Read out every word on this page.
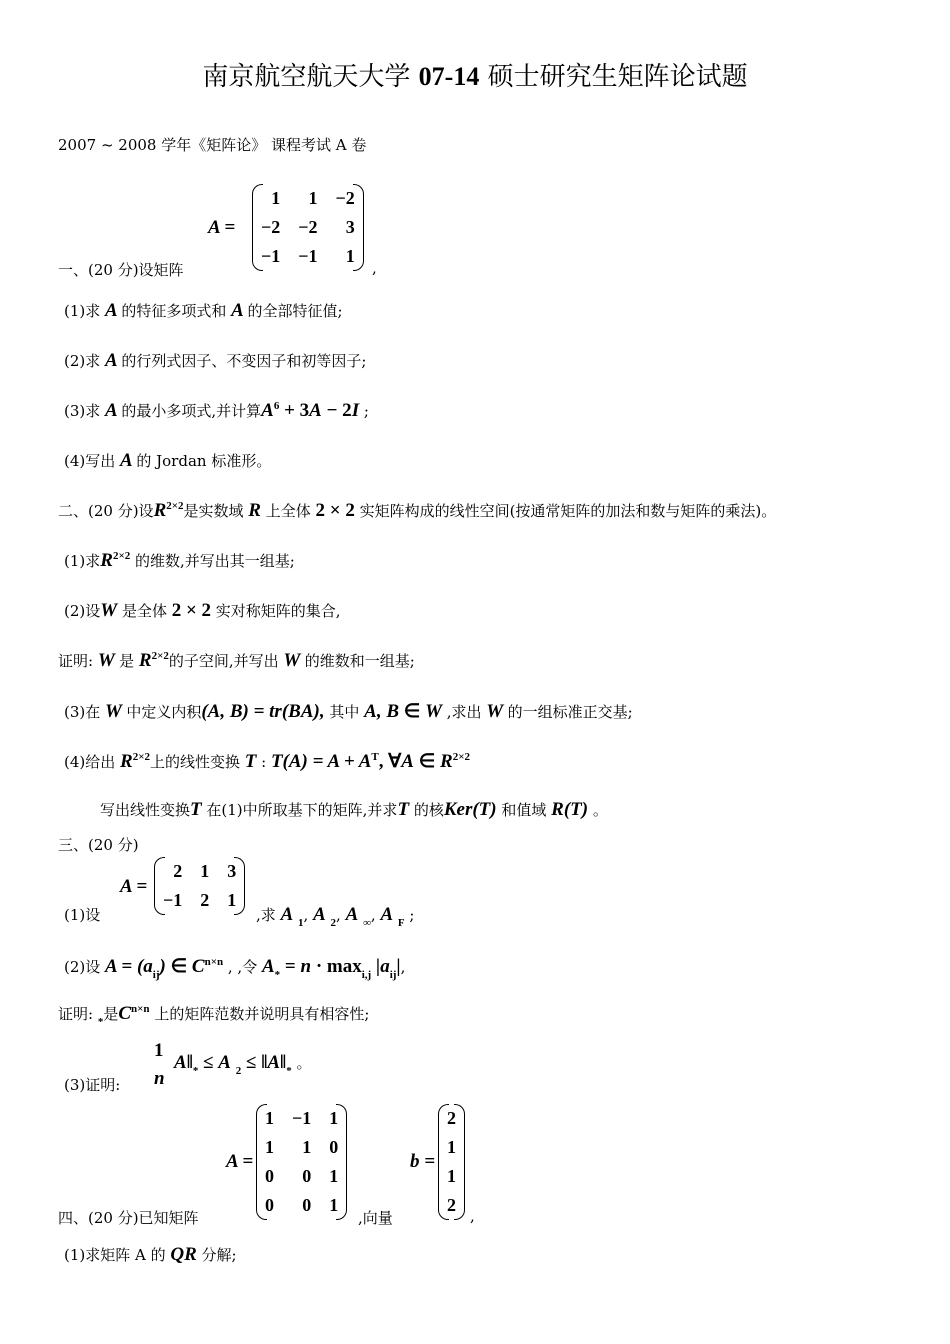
南京航空航天大学 07-14 硕士研究生矩阵论试题
2007 ~ 2008 学年《矩阵论》 课程考试 A 卷
A =
1	1	−2
−2	−2	3
−1	−1	1
一、(20 分)设矩阵	,
(1)求 A 的特征多项式和 A 的全部特征值;
(2)求 A 的行列式因子、不变因子和初等因子;
(3)求 A 的最小多项式,并计算$A^6 + 3A - 2I$ ;
(4)写出 A 的 Jordan 标准形。
二、(20 分)设$R^{2\times 2}$是实数域 R 上全体 2 × 2 实矩阵构成的线性空间(按通常矩阵的加法和数与矩阵的乘法)。
(1)求$R^{2\times 2}$ 的维数,并写出其一组基;
(2)设W 是全体 2 × 2 实对称矩阵的集合,
证明: W 是 $R^{2\times 2}$的子空间,并写出 W 的维数和一组基;
(3)在 W 中定义内积(A, B) = tr(BA), 其中 A, B ∈ W ,求出 W 的一组标准正交基;
(4)给出 $R^{2\times 2}$上的线性变换 T : $T(A) = A + A^T$, ∀A ∈ $R^{2\times 2}$
写出线性变换T 在(1)中所取基下的矩阵,并求T 的核Ker(T) 和值域 R(T) 。
三、(20 分)
A =
2	1	3
−1	2	1
(1)设	,求 A $_1$, A $_2$, A $_\infty$, A $_F$ ;
(2)设 $A = (a_{ij})$ ∈ $C^{n\times n}$ , ,令 $A_* = n \cdot \max_{i,j} |a_{ij}|$,
证明: $_*$是$C^{n\times n}$ 上的矩阵范数并说明具有相容性;
1
n
(3)证明:
$A‖_* \le A$ $_2 \le ‖A‖_*$ 。
A =
1	−1	1
1	1	0
0	0	1
0	0	1
b =
2
1
1
2
四、(20 分)已知矩阵	,向量	,
(1)求矩阵 A 的 QR 分解;
